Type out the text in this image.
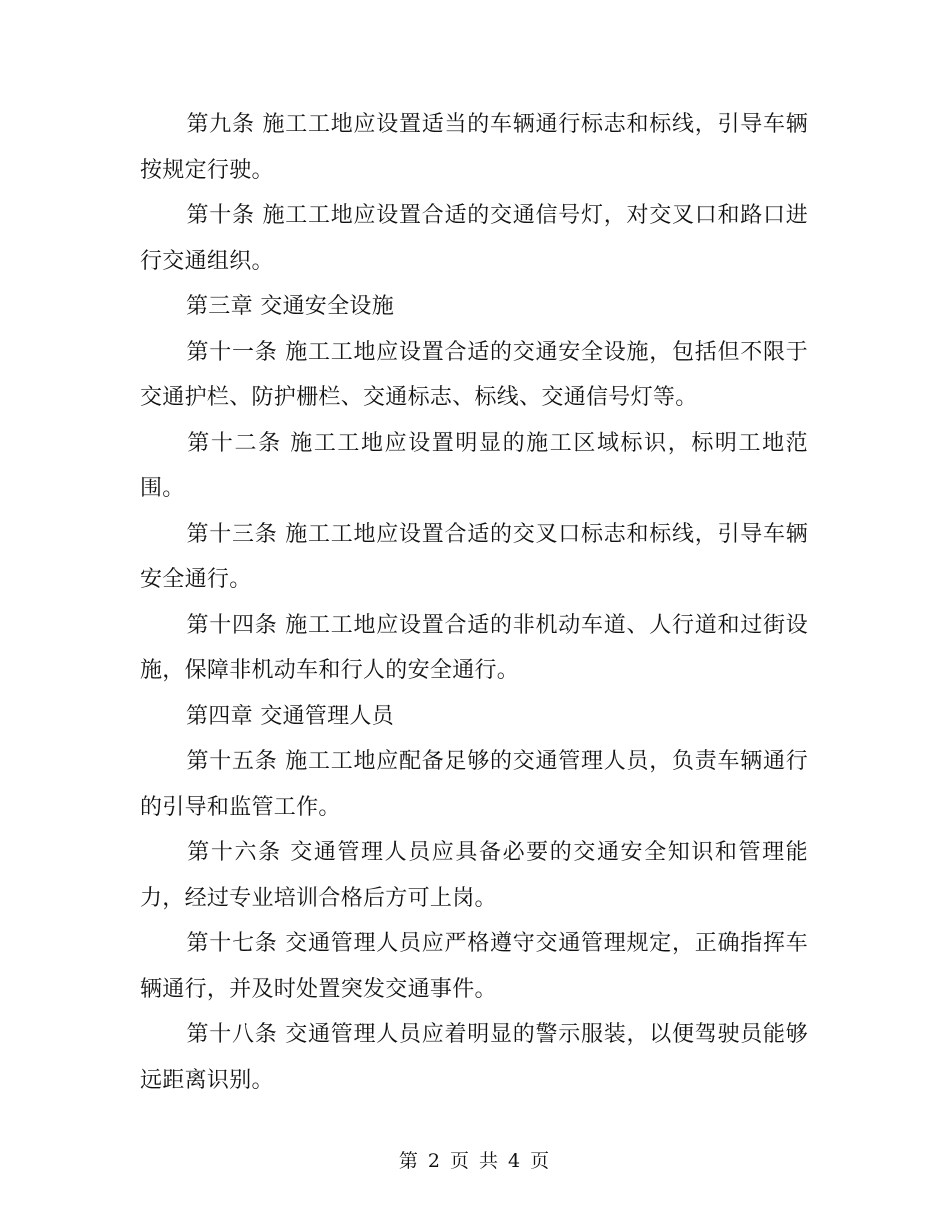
第九条 施工工地应设置适当的车辆通行标志和标线，引导车辆按规定行驶。

第十条 施工工地应设置合适的交通信号灯，对交叉口和路口进行交通组织。

第三章 交通安全设施

第十一条 施工工地应设置合适的交通安全设施，包括但不限于交通护栏、防护栅栏、交通标志、标线、交通信号灯等。

第十二条 施工工地应设置明显的施工区域标识，标明工地范围。

第十三条 施工工地应设置合适的交叉口标志和标线，引导车辆安全通行。

第十四条 施工工地应设置合适的非机动车道、人行道和过街设施，保障非机动车和行人的安全通行。

第四章 交通管理人员

第十五条 施工工地应配备足够的交通管理人员，负责车辆通行的引导和监管工作。

第十六条 交通管理人员应具备必要的交通安全知识和管理能力，经过专业培训合格后方可上岗。

第十七条 交通管理人员应严格遵守交通管理规定，正确指挥车辆通行，并及时处置突发交通事件。

第十八条 交通管理人员应着明显的警示服装，以便驾驶员能够远距离识别。

第 2 页 共 4 页
